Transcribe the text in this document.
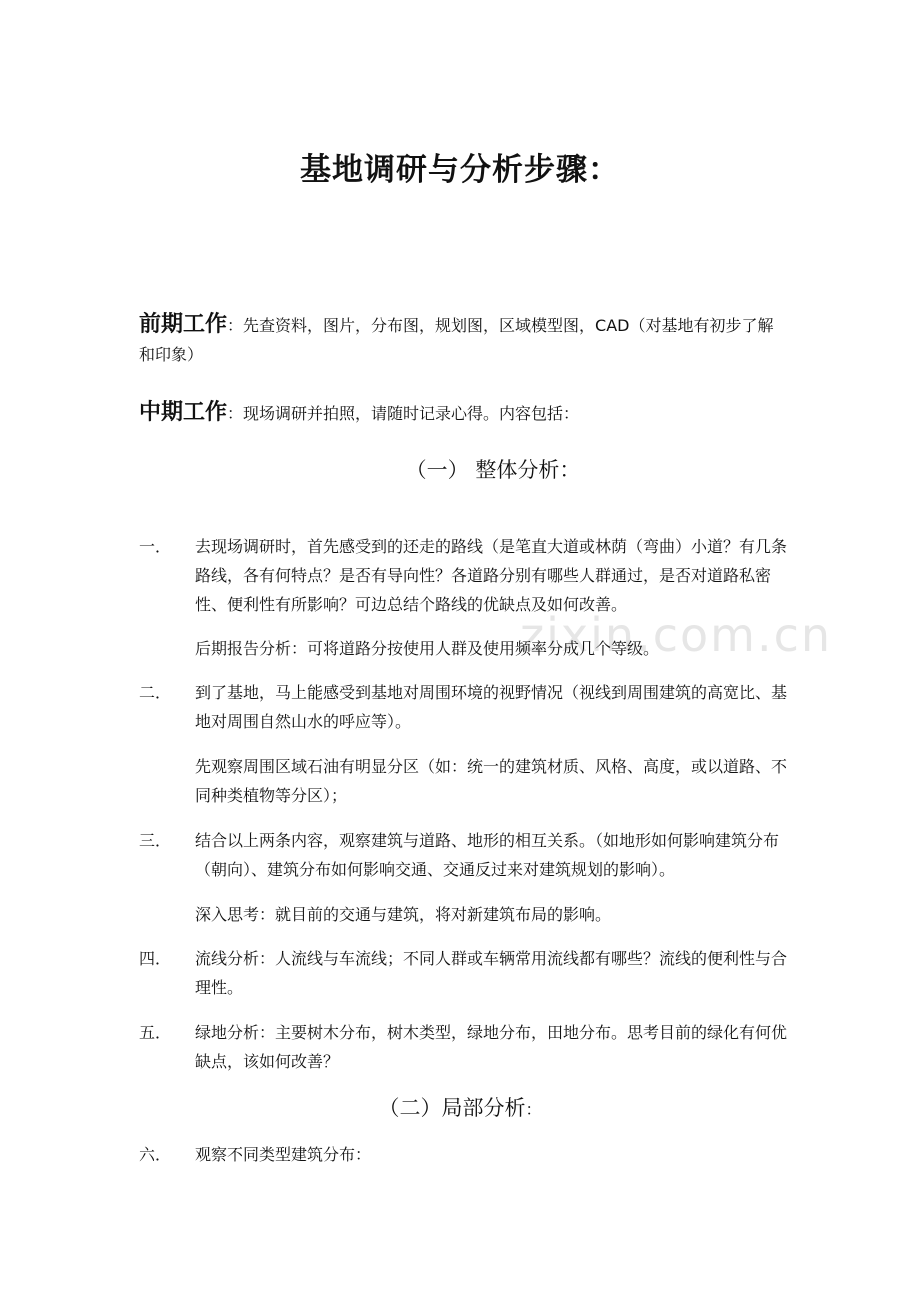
zixin.com.cn
基地调研与分析步骤：
前期工作：先查资料，图片，分布图，规划图，区域模型图，CAD（对基地有初步了解和印象）
中期工作：现场调研并拍照，请随时记录心得。内容包括：
（一） 整体分析：
一．	去现场调研时，首先感受到的还走的路线（是笔直大道或林荫（弯曲）小道？有几条路线，各有何特点？是否有导向性？各道路分别有哪些人群通过，是否对道路私密性、便利性有所影响？可边总结个路线的优缺点及如何改善。
后期报告分析：可将道路分按使用人群及使用频率分成几个等级。
二．	到了基地，马上能感受到基地对周围环境的视野情况（视线到周围建筑的高宽比、基地对周围自然山水的呼应等）。
先观察周围区域石油有明显分区（如：统一的建筑材质、风格、高度，或以道路、不同种类植物等分区）；
三．	结合以上两条内容，观察建筑与道路、地形的相互关系。（如地形如何影响建筑分布（朝向）、建筑分布如何影响交通、交通反过来对建筑规划的影响）。
深入思考：就目前的交通与建筑，将对新建筑布局的影响。
四．	流线分析：人流线与车流线；不同人群或车辆常用流线都有哪些？流线的便利性与合理性。
五．	绿地分析：主要树木分布，树木类型，绿地分布，田地分布。思考目前的绿化有何优缺点，该如何改善？
（二）局部分析：
六．	观察不同类型建筑分布：
